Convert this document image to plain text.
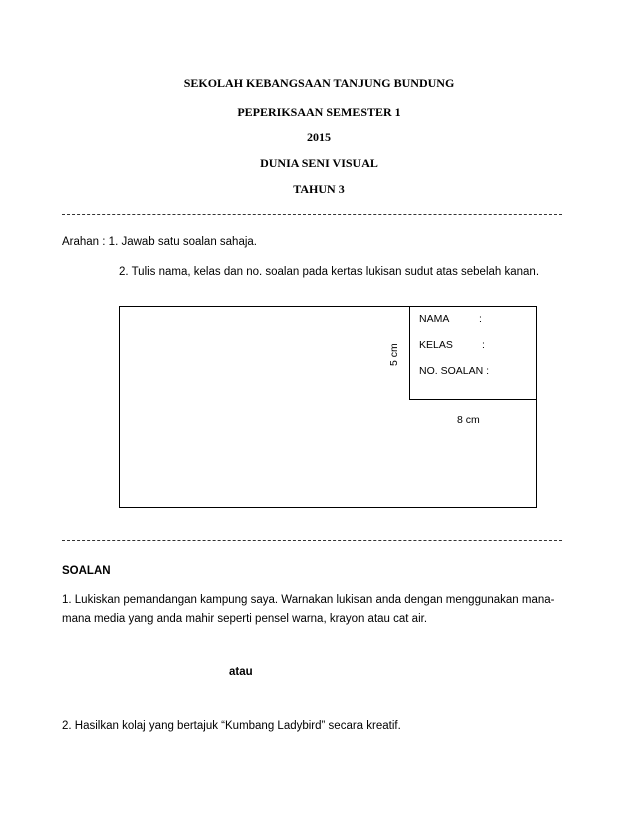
SEKOLAH KEBANGSAAN TANJUNG BUNDUNG
PEPERIKSAAN SEMESTER 1
2015
DUNIA SENI VISUAL
TAHUN 3
Arahan : 1. Jawab satu soalan sahaja.
2. Tulis nama, kelas dan no. soalan pada kertas lukisan sudut atas sebelah kanan.
NAMA	:
KELAS	:
NO. SOALAN :
8 cm
5 cm
SOALAN
1. Lukiskan pemandangan kampung saya. Warnakan lukisan anda dengan menggunakan mana-
mana media yang anda mahir seperti pensel warna, krayon atau cat air.
atau
2. Hasilkan kolaj yang bertajuk “Kumbang Ladybird” secara kreatif.
